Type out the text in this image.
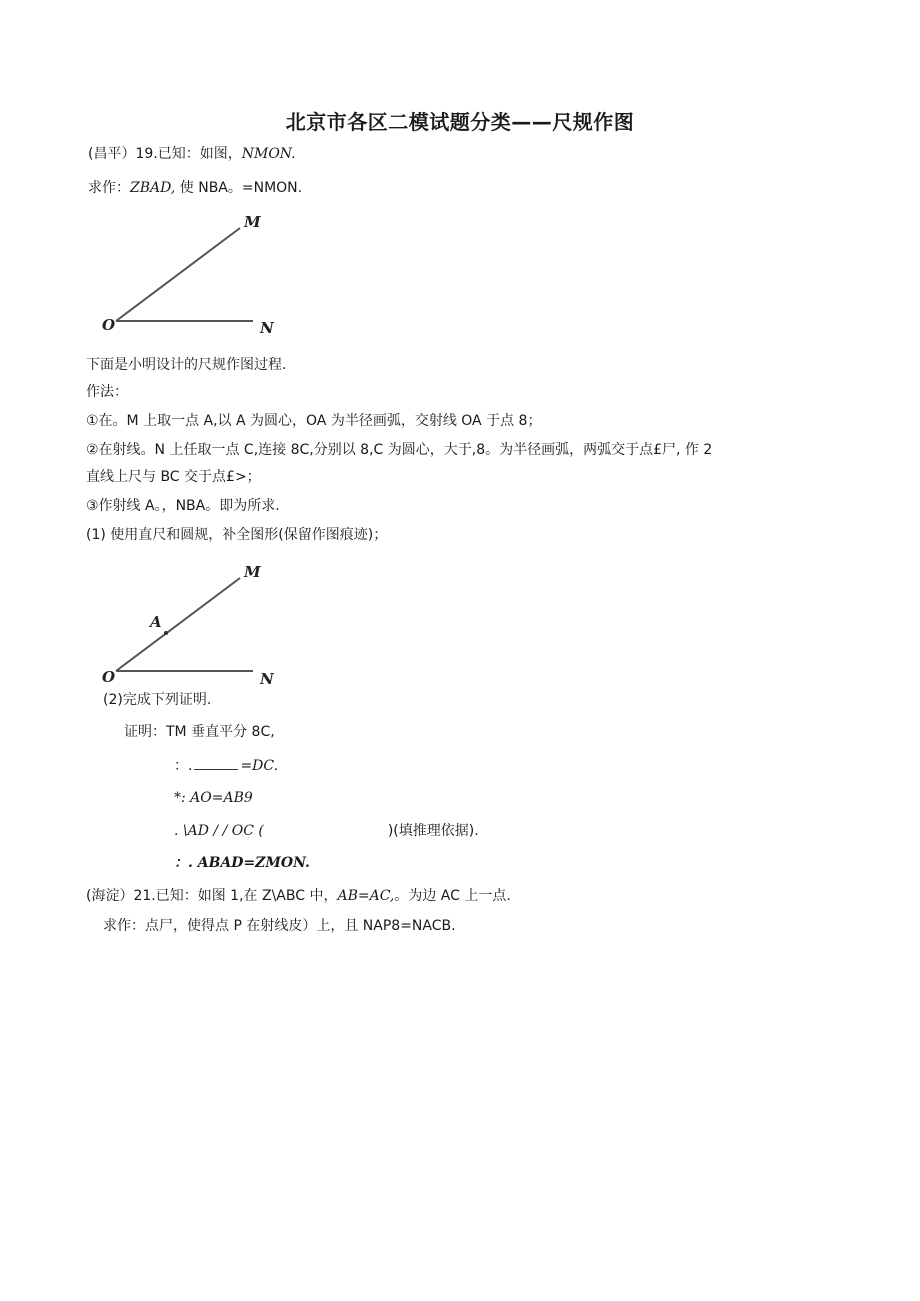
北京市各区二模试题分类——尺规作图
(昌平）19.已知：如图，NMON.
求作：ZBAD, 使 NBA。=NMON.
M
O	N
下面是小明设计的尺规作图过程.
作法：
①在。M 上取一点 A,以 A 为圆心，OA 为半径画弧，交射线 OA 于点 8；
②在射线。N 上任取一点 C,连接 8C,分别以 8,C 为圆心，大于,8。为半径画弧，两弧交于点£尸, 作 2
直线上尺与 BC 交于点£>；
③作射线 A。，NBA。即为所求.
(1) 使用直尺和圆规，补全图形(保留作图痕迹)；
A
M
O	N
(2)完成下列证明.
证明：TM 垂直平分 8C,
：.	=DC.
*: AO=AB9
. \AD / / OC (	)(填推理依据).
：. ABAD=ZMON.
(海淀）21.已知：如图 1,在 Z\ABC 中，AB=AC,。为边 AC 上一点.
求作：点尸，使得点 P 在射线皮）上，且 NAP8=NACB.
